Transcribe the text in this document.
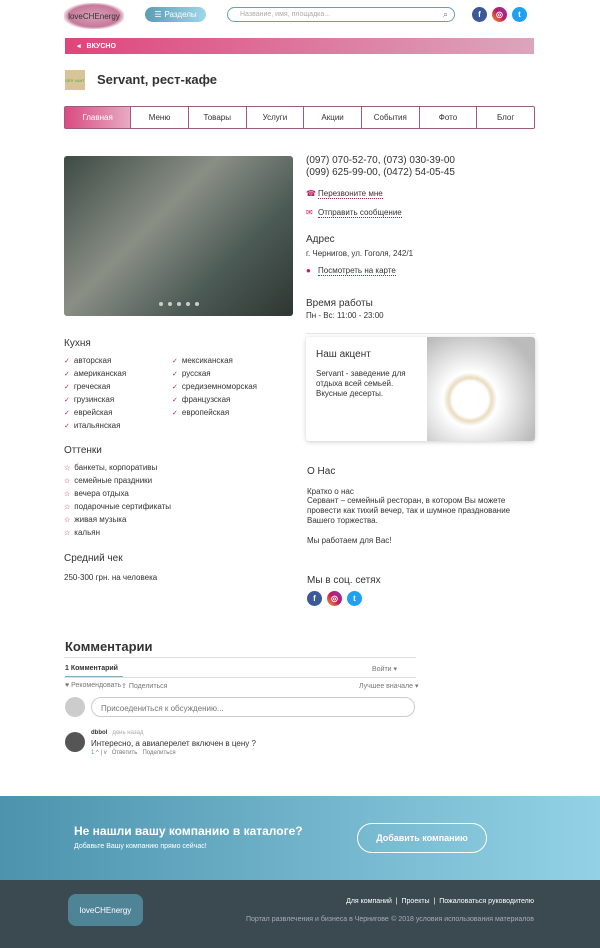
loveCHEnergy	☰ Разделы	Название, имя, площадка...	⌕	f	◎	t
◂ ВКУСНО
SER VANT Servant, рест-кафе
Главная	Меню	Товары	Услуги	Акции	События	Фото	Блог
(097) 070-52-70, (073) 030-39-00
(099) 625-99-00, (0472) 54-05-45
☎ Перезвоните мне
✉ Отправить сообщение
Адрес
г. Чернигов, ул. Гоголя, 242/1
● Посмотреть на карте
Время работы
Пн - Вс: 11:00 - 23:00
Кухня
✓ авторская
✓ американская
✓ греческая
✓ грузинская
✓ еврейская
✓ итальянская
✓ мексиканская
✓ русская
✓ средиземноморская
✓ французская
✓ европейская
Оттенки
☆ банкеты, корпоративы
☆ семейные праздники
☆ вечера отдыха
☆ подарочные сертификаты
☆ живая музыка
☆ кальян
Средний чек
250-300 грн. на человека
Наш акцент
Servant - заведение для отдыха всей семьей. Вкусные десерты.
О Нас
Кратко о нас
Сервант – семейный ресторан, в котором Вы можете провести как тихий вечер, так и шумное празднование Вашего торжества.
Мы работаем для Вас!
Мы в соц. сетях
f	◎	t
Комментарии
1 Комментарий	Войти ▾
♥ Рекомендовать ⇪ Поделиться	Лучшее вначале ▾
Присоедениться к обсуждению...
dbbol день назад
Интересно, а авиаперелет включен в цену ?
1 ^ | v Ответить Поделиться
Не нашли вашу компанию в каталоге?
Добавьте Вашу компанию прямо сейчас!
Добавить компанию
loveCHEnergy
Для компаний  |  Проекты  |  Пожаловаться руководителю
Портал развлечения и бизнеса в Чернигове © 2018 условия использования материалов
